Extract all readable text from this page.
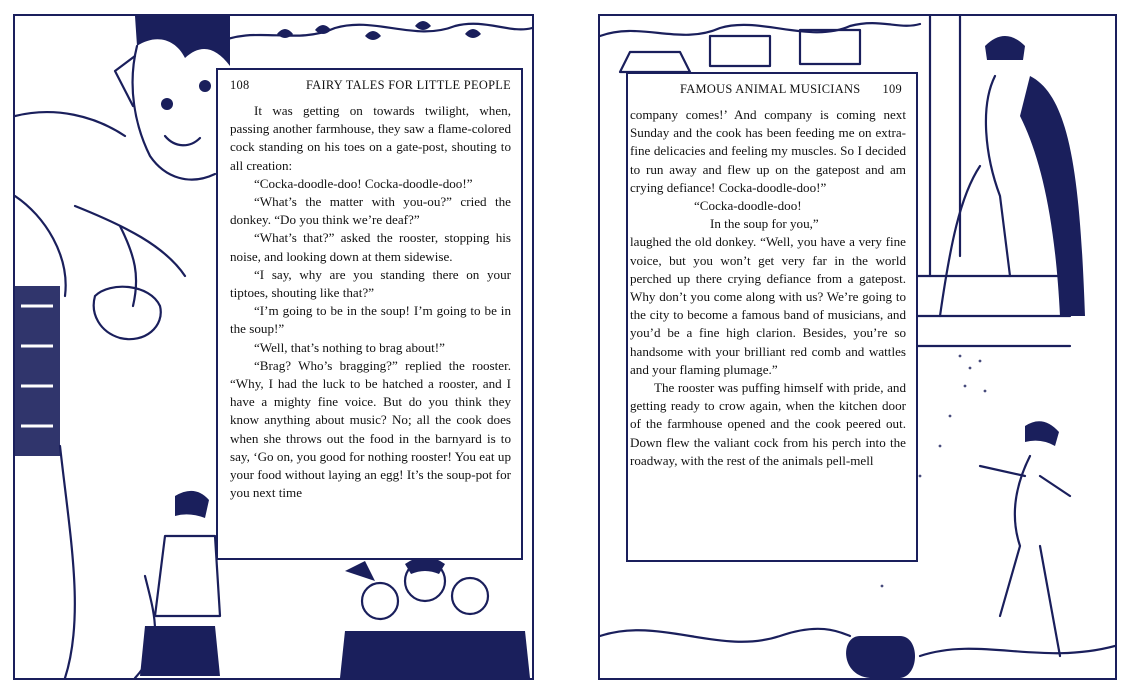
108	FAIRY TALES FOR LITTLE PEOPLE

It was getting on towards twilight, when, passing another farmhouse, they saw a flame-colored cock standing on his toes on a gate-post, shouting to all creation:

“Cocka-doodle-doo! Cocka-doodle-doo!”

“What’s the matter with you-ou?” cried the donkey. “Do you think we’re deaf?”

“What’s that?” asked the rooster, stopping his noise, and looking down at them sidewise.

“I say, why are you standing there on your tiptoes, shouting like that?”

“I’m going to be in the soup! I’m going to be in the soup!”

“Well, that’s nothing to brag about!”

“Brag? Who’s bragging?” replied the rooster. “Why, I had the luck to be hatched a rooster, and I have a mighty fine voice. But do you think they know anything about music? No; all the cook does when she throws out the food in the barnyard is to say, ‘Go on, you good for nothing rooster! You eat up your food without laying an egg! It’s the soup-pot for you next time

FAMOUS ANIMAL MUSICIANS 109

company comes!’ And company is coming next Sunday and the cook has been feeding me on extra-fine delicacies and feeling my muscles. So I decided to run away and flew up on the gatepost and am crying defiance! Cocka-doodle-doo!”

“Cocka-doodle-doo!

In the soup for you,”

laughed the old donkey. “Well, you have a very fine voice, but you won’t get very far in the world perched up there crying defiance from a gatepost. Why don’t you come along with us? We’re going to the city to become a famous band of musicians, and you’d be a fine high clarion. Besides, you’re so handsome with your brilliant red comb and wattles and your flaming plumage.”

The rooster was puffing himself with pride, and getting ready to crow again, when the kitchen door of the farmhouse opened and the cook peered out. Down flew the valiant cock from his perch into the roadway, with the rest of the animals pell-mell
